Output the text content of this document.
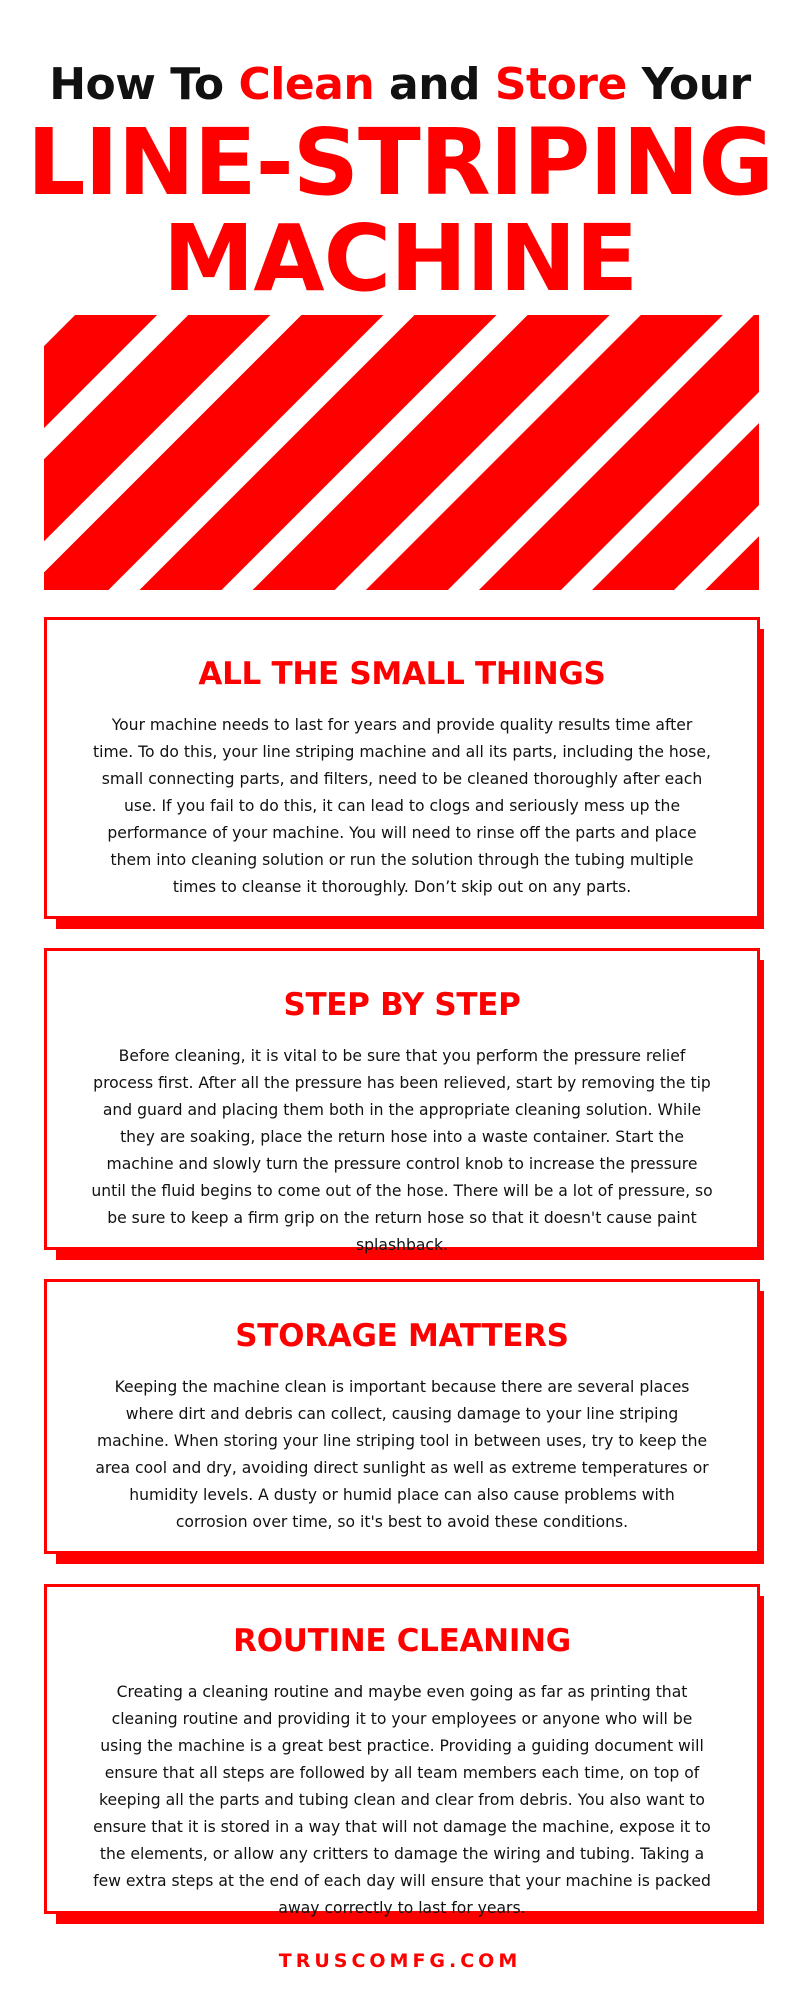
How To Clean and Store Your
LINE-STRIPING
MACHINE
ALL THE SMALL THINGS

Your machine needs to last for years and provide quality results time after time. To do this, your line striping machine and all its parts, including the hose, small connecting parts, and filters, need to be cleaned thoroughly after each use. If you fail to do this, it can lead to clogs and seriously mess up the performance of your machine. You will need to rinse off the parts and place them into cleaning solution or run the solution through the tubing multiple times to cleanse it thoroughly. Don’t skip out on any parts.

STEP BY STEP

Before cleaning, it is vital to be sure that you perform the pressure relief process first. After all the pressure has been relieved, start by removing the tip and guard and placing them both in the appropriate cleaning solution. While they are soaking, place the return hose into a waste container. Start the machine and slowly turn the pressure control knob to increase the pressure until the fluid begins to come out of the hose. There will be a lot of pressure, so be sure to keep a firm grip on the return hose so that it doesn't cause paint splashback.

STORAGE MATTERS

Keeping the machine clean is important because there are several places where dirt and debris can collect, causing damage to your line striping machine. When storing your line striping tool in between uses, try to keep the area cool and dry, avoiding direct sunlight as well as extreme temperatures or humidity levels. A dusty or humid place can also cause problems with corrosion over time, so it's best to avoid these conditions.

ROUTINE CLEANING

Creating a cleaning routine and maybe even going as far as printing that cleaning routine and providing it to your employees or anyone who will be using the machine is a great best practice. Providing a guiding document will ensure that all steps are followed by all team members each time, on top of keeping all the parts and tubing clean and clear from debris. You also want to ensure that it is stored in a way that will not damage the machine, expose it to the elements, or allow any critters to damage the wiring and tubing. Taking a few extra steps at the end of each day will ensure that your machine is packed away correctly to last for years.

TRUSCOMFG.COM
